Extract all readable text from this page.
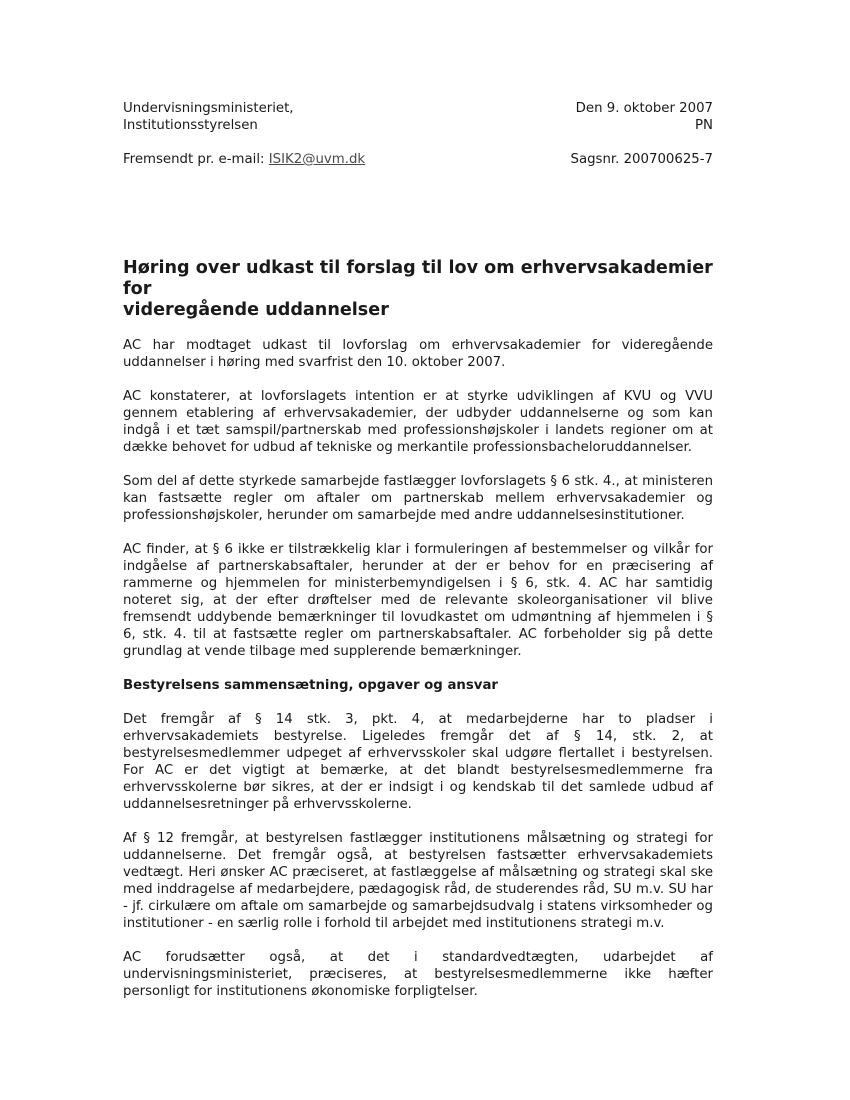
Undervisningsministeriet,
Institutionsstyrelsen
Den 9. oktober 2007
PN
Fremsendt pr. e-mail: ISIK2@uvm.dk	Sagsnr. 200700625-7
Høring over udkast til forslag til lov om erhvervsakademier for
videregående uddannelser

AC har modtaget udkast til lovforslag om erhvervsakademier for videregående uddannelser i høring med svarfrist den 10. oktober 2007.

AC konstaterer, at lovforslagets intention er at styrke udviklingen af KVU og VVU gennem etablering af erhvervsakademier, der udbyder uddannelserne og som kan indgå i et tæt samspil/partnerskab med professionshøjskoler i landets regioner om at dække behovet for udbud af tekniske og merkantile professionsbacheloruddannelser.

Som del af dette styrkede samarbejde fastlægger lovforslagets § 6 stk. 4., at ministeren kan fastsætte regler om aftaler om partnerskab mellem erhvervsakademier og professionshøjskoler, herunder om samarbejde med andre uddannelsesinstitutioner.

AC finder, at § 6 ikke er tilstrækkelig klar i formuleringen af bestemmelser og vilkår for indgåelse af partnerskabsaftaler, herunder at der er behov for en præcisering af rammerne og hjemmelen for ministerbemyndigelsen i § 6, stk. 4. AC har samtidig noteret sig, at der efter drøftelser med de relevante skoleorganisationer vil blive fremsendt uddybende bemærkninger til lovudkastet om udmøntning af hjemmelen i § 6, stk. 4. til at fastsætte regler om partnerskabsaftaler. AC forbeholder sig på dette grundlag at vende tilbage med supplerende bemærkninger.

Bestyrelsens sammensætning, opgaver og ansvar

Det fremgår af § 14 stk. 3, pkt. 4, at medarbejderne har to pladser i erhvervsakademiets bestyrelse. Ligeledes fremgår det af § 14, stk. 2, at bestyrelsesmedlemmer udpeget af erhvervsskoler skal udgøre flertallet i bestyrelsen. For AC er det vigtigt at bemærke, at det blandt bestyrelsesmedlemmerne fra erhvervsskolerne bør sikres, at der er indsigt i og kendskab til det samlede udbud af uddannelsesretninger på erhvervsskolerne.

Af § 12 fremgår, at bestyrelsen fastlægger institutionens målsætning og strategi for uddannelserne. Det fremgår også, at bestyrelsen fastsætter erhvervsakademiets vedtægt. Heri ønsker AC præciseret, at fastlæggelse af målsætning og strategi skal ske med inddragelse af medarbejdere, pædagogisk råd, de studerendes råd, SU m.v. SU har - jf. cirkulære om aftale om samarbejde og samarbejdsudvalg i statens virksomheder og institutioner - en særlig rolle i forhold til arbejdet med institutionens strategi m.v.

AC forudsætter også, at det i standardvedtægten, udarbejdet af undervisningsministeriet, præciseres, at bestyrelsesmedlemmerne ikke hæfter personligt for institutionens økonomiske forpligtelser.
